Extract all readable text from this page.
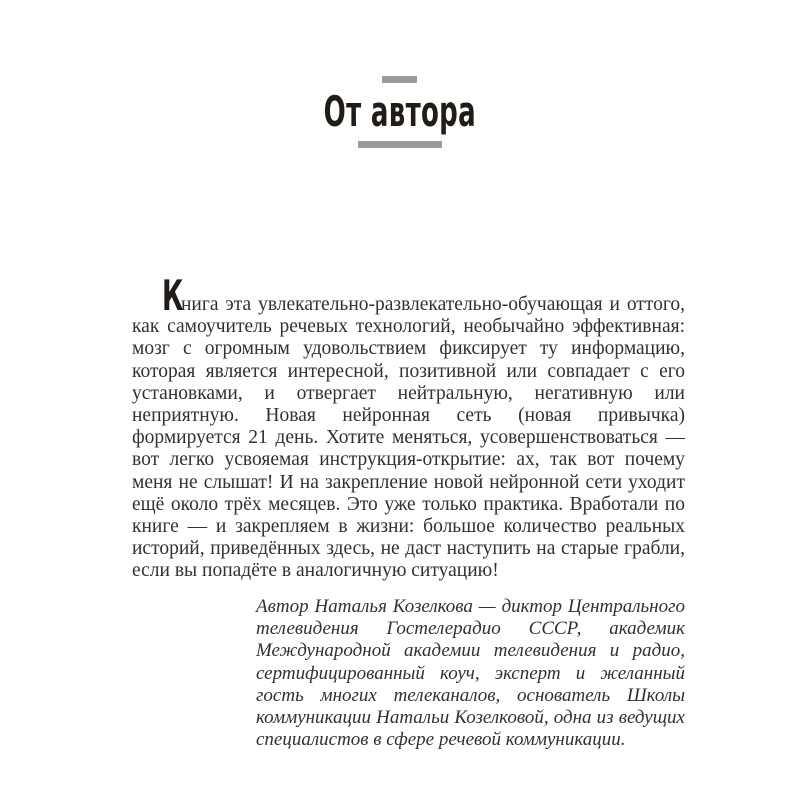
От автора
К

нига эта увлекательно-развлекательно-обучающая и оттого, как самоучитель речевых технологий, необычайно эффективная: мозг с огромным удовольствием фиксирует ту информацию, которая является интересной, позитивной или совпадает с его установками, и отвергает нейтральную, негативную или неприятную. Новая нейронная сеть (новая привычка) формируется 21 день. Хотите меняться, усовершенствоваться — вот легко усвояемая инструкция-открытие: ах, так вот почему меня не слышат! И на закрепление новой нейронной сети уходит ещё около трёх месяцев. Это уже только практика. Вработали по книге — и закрепляем в жизни: большое количество реальных историй, приведённых здесь, не даст наступить на старые грабли, если вы попадёте в аналогичную ситуацию!

Автор Наталья Козелкова — диктор Центрального телевидения Гостелерадио СССР, академик Международной академии телевидения и радио, сертифицированный коуч, эксперт и желанный гость многих телеканалов, основатель Школы коммуникации Натальи Козелковой, одна из ведущих специалистов в сфере речевой коммуникации.
